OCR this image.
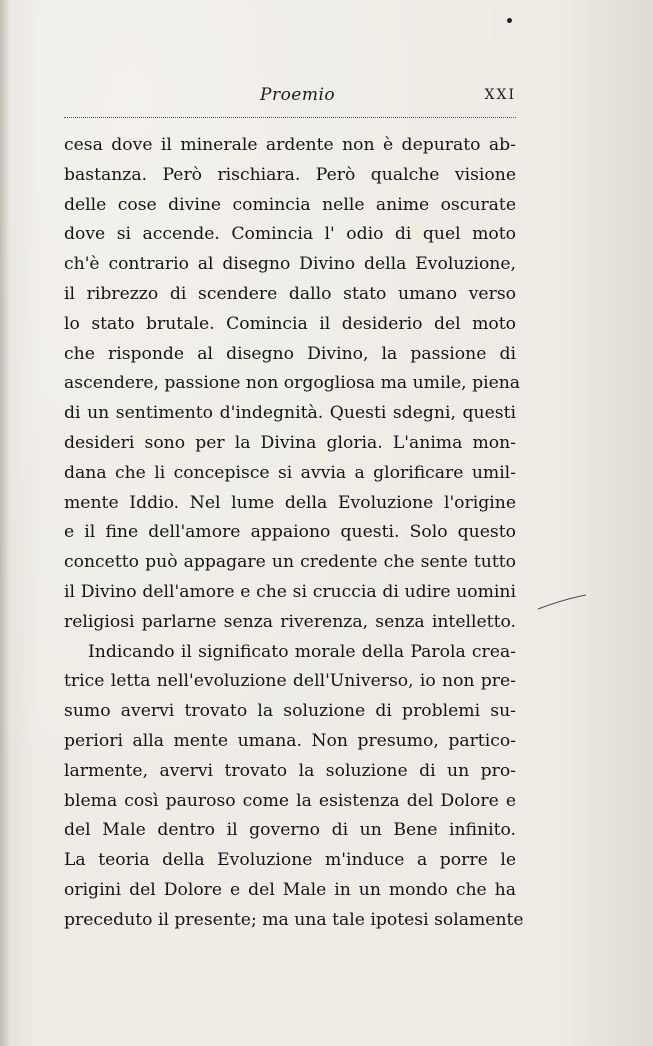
Proemio	XXI
cesa dove il minerale ardente non è depurato ab-
bastanza. Però rischiara. Però qualche visione
delle cose divine comincia nelle anime oscurate
dove si accende. Comincia l' odio di quel moto
ch'è contrario al disegno Divino della Evoluzione,
il ribrezzo di scendere dallo stato umano verso
lo stato brutale. Comincia il desiderio del moto
che risponde al disegno Divino, la passione di
ascendere, passione non orgogliosa ma umile, piena
di un sentimento d'indegnità. Questi sdegni, questi
desideri sono per la Divina gloria. L'anima mon-
dana che li concepisce si avvia a glorificare umil-
mente Iddio. Nel lume della Evoluzione l'origine
e il fine dell'amore appaiono questi. Solo questo
concetto può appagare un credente che sente tutto
il Divino dell'amore e che si cruccia di udire uomini
religiosi parlarne senza riverenza, senza intelletto.
Indicando il significato morale della Parola crea-
trice letta nell'evoluzione dell'Universo, io non pre-
sumo avervi trovato la soluzione di problemi su-
periori alla mente umana. Non presumo, partico-
larmente, avervi trovato la soluzione di un pro-
blema così pauroso come la esistenza del Dolore e
del Male dentro il governo di un Bene infinito.
La teoria della Evoluzione m'induce a porre le
origini del Dolore e del Male in un mondo che ha
preceduto il presente; ma una tale ipotesi solamente
